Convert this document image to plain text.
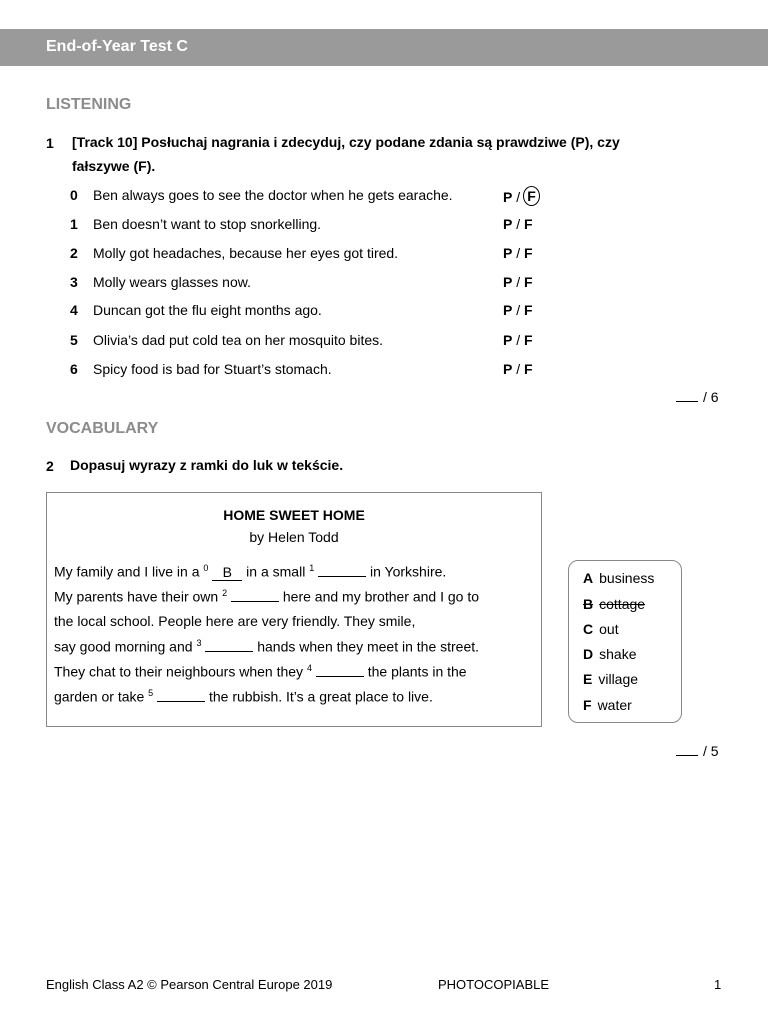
End-of-Year Test C
LISTENING
1 [Track 10] Posłuchaj nagrania i zdecyduj, czy podane zdania są prawdziwe (P), czy
fałszywe (F).
0 Ben always goes to see the doctor when he gets earache.	P / F
1 Ben doesn’t want to stop snorkelling.	P / F
2 Molly got headaches, because her eyes got tired.	P / F
3 Molly wears glasses now.	P / F
4 Duncan got the flu eight months ago.	P / F
5 Olivia’s dad put cold tea on her mosquito bites.	P / F
6 Spicy food is bad for Stuart’s stomach.	P / F
/ 6
VOCABULARY
2 Dopasuj wyrazy z ramki do luk w tekście.
HOME SWEET HOME
by Helen Todd
My family and I live in a $^0$ B in a small $^1$	in Yorkshire.
My parents have their own $^2$	here and my brother and I go to
the local school. People here are very friendly. They smile,
say good morning and $^3$	hands when they meet in the street.
They chat to their neighbours when they $^4$	the plants in the
garden or take $^5$	the rubbish. It’s a great place to live.
A business
B cottage
C out
D shake
E village
F water
/ 5
English Class A2 © Pearson Central Europe 2019	PHOTOCOPIABLE	1
